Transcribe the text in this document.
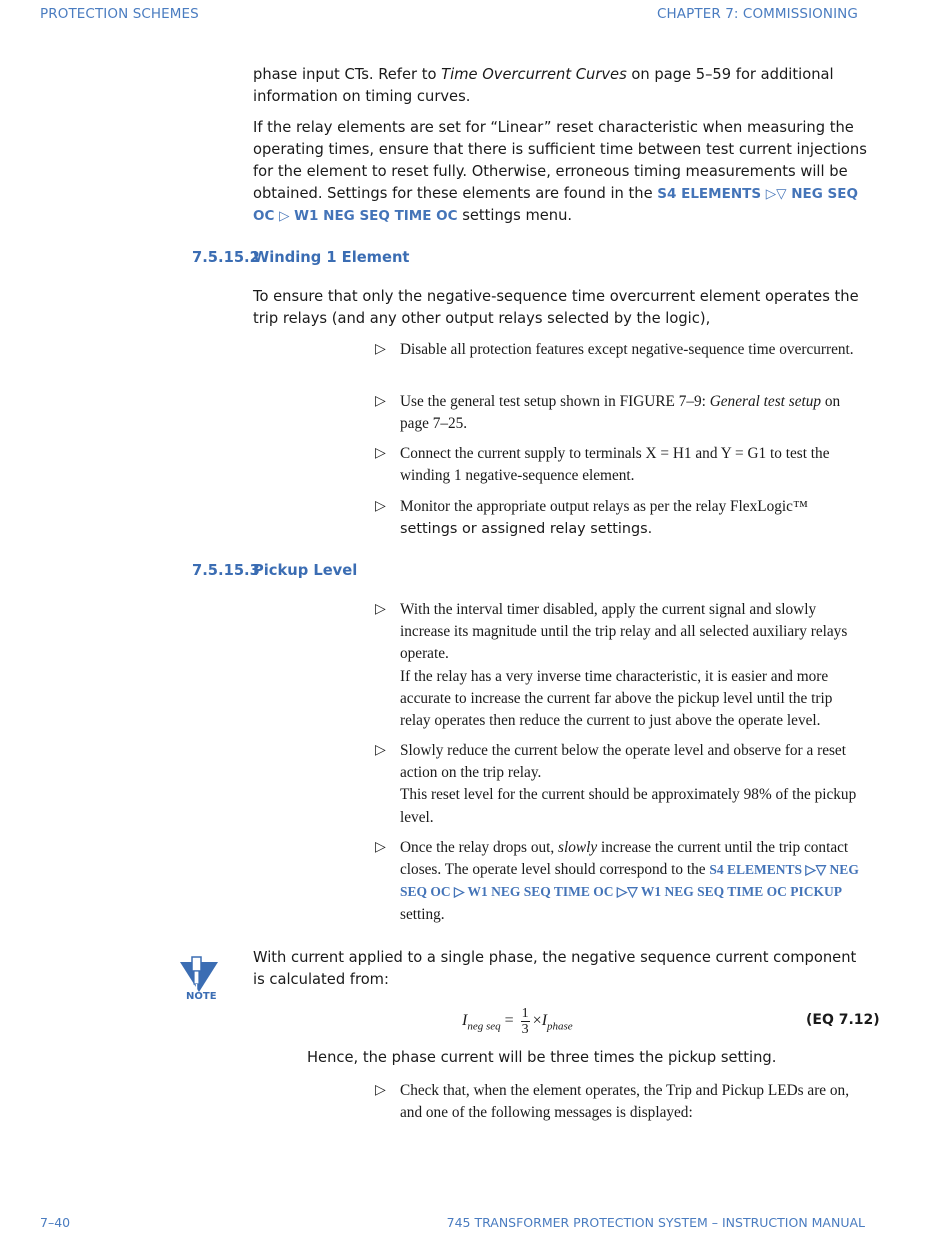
PROTECTION SCHEMES	CHAPTER 7: COMMISSIONING
phase input CTs. Refer to Time Overcurrent Curves on page 5–59 for additional information on timing curves.
If the relay elements are set for “Linear” reset characteristic when measuring the operating times, ensure that there is sufficient time between test current injections for the element to reset fully. Otherwise, erroneous timing measurements will be obtained. Settings for these elements are found in the S4 ELEMENTS ▷▽ NEG SEQ OC ▷ W1 NEG SEQ TIME OC settings menu.
7.5.15.2Winding 1 Element
To ensure that only the negative-sequence time overcurrent element operates the trip relays (and any other output relays selected by the logic),
▷ Disable all protection features except negative-sequence time overcurrent.
▷ Use the general test setup shown in FIGURE 7–9: General test setup on page 7–25.
▷ Connect the current supply to terminals X = H1 and Y = G1 to test the winding 1 negative-sequence element.
▷ Monitor the appropriate output relays as per the relay FlexLogic™
settings or assigned relay settings.
7.5.15.3Pickup Level
▷ With the interval timer disabled, apply the current signal and slowly increase its magnitude until the trip relay and all selected auxiliary relays operate.
If the relay has a very inverse time characteristic, it is easier and more accurate to increase the current far above the pickup level until the trip relay operates then reduce the current to just above the operate level.
▷ Slowly reduce the current below the operate level and observe for a reset action on the trip relay.
This reset level for the current should be approximately 98% of the pickup level.
▷ Once the relay drops out, slowly increase the current until the trip contact closes. The operate level should correspond to the S4 ELEMENTS ▷▽ NEG SEQ OC ▷ W1 NEG SEQ TIME OC ▷▽ W1 NEG SEQ TIME OC PICKUP setting.
NOTE
With current applied to a single phase, the negative sequence current component is calculated from:
$I_{neg seq} = \frac{1}{3} \times I_{phase}$	(EQ 7.12)
Hence, the phase current will be three times the pickup setting.
▷ Check that, when the element operates, the Trip and Pickup LEDs are on, and one of the following messages is displayed:
7–40	745 TRANSFORMER PROTECTION SYSTEM – INSTRUCTION MANUAL
